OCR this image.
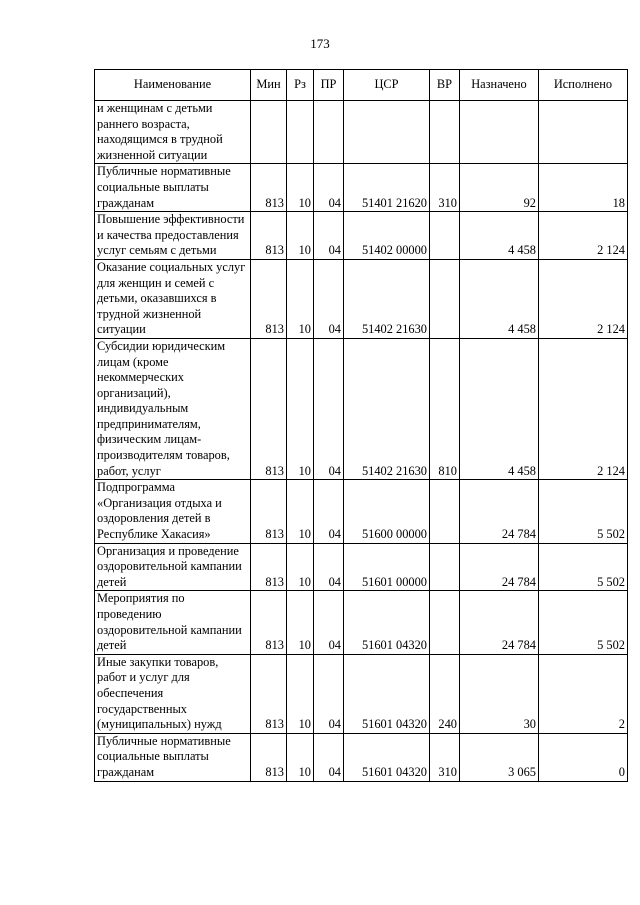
173
Наименование	Мин	Рз	ПР	ЦСР	ВР	Назначено	Исполнено
и женщинам с детьми раннего возраста, находящимся в трудной жизненной ситуации							
Публичные нормативные социальные выплаты гражданам	813	10	04	51401 21620	310	92	18
Повышение эффективности и качества предоставления услуг семьям с детьми	813	10	04	51402 00000		4 458	2 124
Оказание социальных услуг для женщин и семей с детьми, оказавшихся в трудной жизненной ситуации	813	10	04	51402 21630		4 458	2 124
Субсидии юридическим лицам (кроме некоммерческих организаций), индивидуальным предпринимателям, физическим лицам-производителям товаров, работ, услуг	813	10	04	51402 21630	810	4 458	2 124
Подпрограмма «Организация отдыха и оздоровления детей в Республике Хакасия»	813	10	04	51600 00000		24 784	5 502
Организация и проведение оздоровительной кампании детей	813	10	04	51601 00000		24 784	5 502
Мероприятия по проведению оздоровительной кампании детей	813	10	04	51601 04320		24 784	5 502
Иные закупки товаров, работ и услуг для обеспечения государственных (муниципальных) нужд	813	10	04	51601 04320	240	30	2
Публичные нормативные социальные выплаты гражданам	813	10	04	51601 04320	310	3 065	0
